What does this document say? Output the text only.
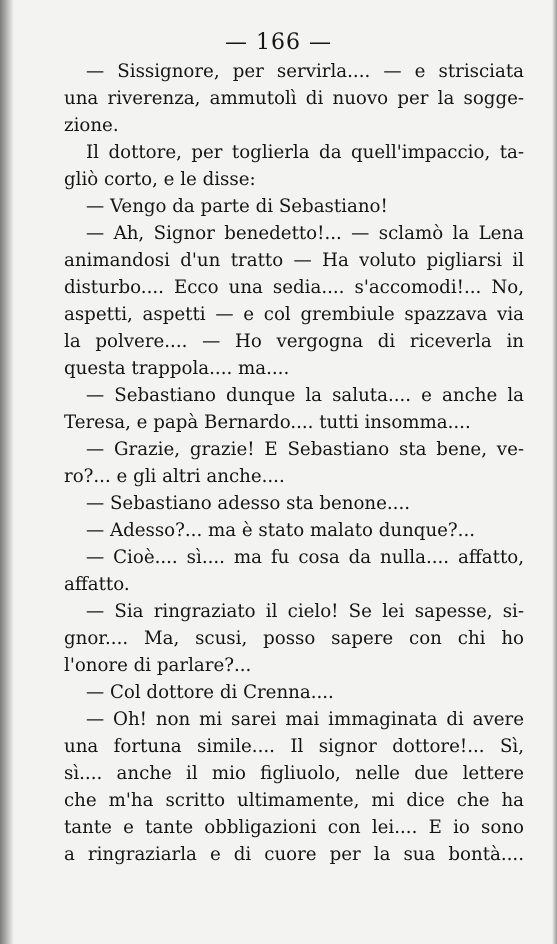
— 166 —
— Sissignore, per servirla.... — e strisciata
una riverenza, ammutolì di nuovo per la sogge-
zione.
Il dottore, per toglierla da quell'impaccio, ta-
gliò corto, e le disse:
— Vengo da parte di Sebastiano!
— Ah, Signor benedetto!... — sclamò la Lena
animandosi d'un tratto — Ha voluto pigliarsi il
disturbo.... Ecco una sedia.... s'accomodi!... No,
aspetti, aspetti — e col grembiule spazzava via
la polvere.... — Ho vergogna di riceverla in
questa trappola.... ma....
— Sebastiano dunque la saluta.... e anche la
Teresa, e papà Bernardo.... tutti insomma....
— Grazie, grazie! E Sebastiano sta bene, ve-
ro?... e gli altri anche....
— Sebastiano adesso sta benone....
— Adesso?... ma è stato malato dunque?...
— Cioè.... sì.... ma fu cosa da nulla.... affatto,
affatto.
— Sia ringraziato il cielo! Se lei sapesse, si-
gnor.... Ma, scusi, posso sapere con chi ho
l'onore di parlare?...
— Col dottore di Crenna....
— Oh! non mi sarei mai immaginata di avere
una fortuna simile.... Il signor dottore!... Sì,
sì.... anche il mio figliuolo, nelle due lettere
che m'ha scritto ultimamente, mi dice che ha
tante e tante obbligazioni con lei.... E io sono
a ringraziarla e di cuore per la sua bontà....
